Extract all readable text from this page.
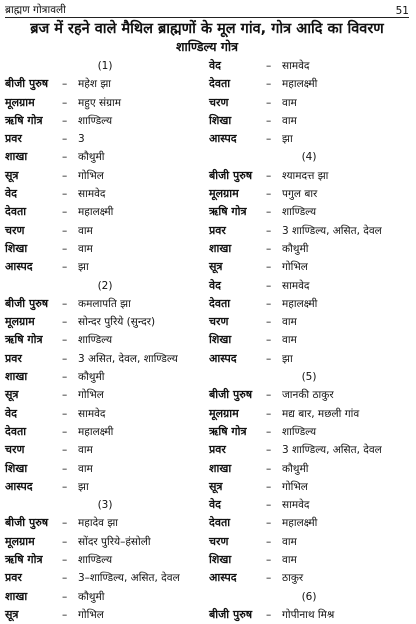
ब्राह्मण गोत्रावली	51
ब्रज में रहने वाले मैथिल ब्राह्मणों के मूल गांव, गोत्र आदि का विवरण
शाण्डिल्य गोत्र
(1)
बीजी पुरुष	–	महेश झा
मूलग्राम	–	महुए संग्राम
ऋषि गोत्र	–	शाण्डिल्य
प्रवर	–	3
शाखा	–	कौथुमी
सूत्र	–	गोभिल
वेद	–	सामवेद
देवता	–	महालक्ष्मी
चरण	–	वाम
शिखा	–	वाम
आस्पद	–	झा
(2)
बीजी पुरुष	–	कमलापति झा
मूलग्राम	–	सोन्दर पुरिये (सुन्दर)
ऋषि गोत्र	–	शाण्डिल्य
प्रवर	–	3 असित, देवल, शाण्डिल्य
शाखा	–	कौथुमी
सूत्र	–	गोभिल
वेद	–	सामवेद
देवता	–	महालक्ष्मी
चरण	–	वाम
शिखा	–	वाम
आस्पद	–	झा
(3)
बीजी पुरुष	–	महादेव झा
मूलग्राम	–	सोंदर पुरिये–हंसोली
ऋषि गोत्र	–	शाण्डिल्य
प्रवर	–	3–शाण्डिल्य, असित, देवल
शाखा	–	कौथुमी
सूत्र	–	गोभिल
वेद	–	सामवेद
देवता	–	महालक्ष्मी
चरण	–	वाम
शिखा	–	वाम
आस्पद	–	झा
(4)
बीजी पुरुष	–	श्यामदत्त झा
मूलग्राम	–	पगुल बार
ऋषि गोत्र	–	शाण्डिल्य
प्रवर	–	3 शाण्डिल्य, असित, देवल
शाखा	–	कौथुमी
सूत्र	–	गोभिल
वेद	–	सामवेद
देवता	–	महालक्ष्मी
चरण	–	वाम
शिखा	–	वाम
आस्पद	–	झा
(5)
बीजी पुरुष	–	जानकी ठाकुर
मूलग्राम	–	मद्य बार, मछली गांव
ऋषि गोत्र	–	शाण्डिल्य
प्रवर	–	3 शाण्डिल्य, असित, देवल
शाखा	–	कौथुमी
सूत्र	–	गोभिल
वेद	–	सामवेद
देवता	–	महालक्ष्मी
चरण	–	वाम
शिखा	–	वाम
आस्पद	–	ठाकुर
(6)
बीजी पुरुष	–	गोपीनाथ मिश्र
